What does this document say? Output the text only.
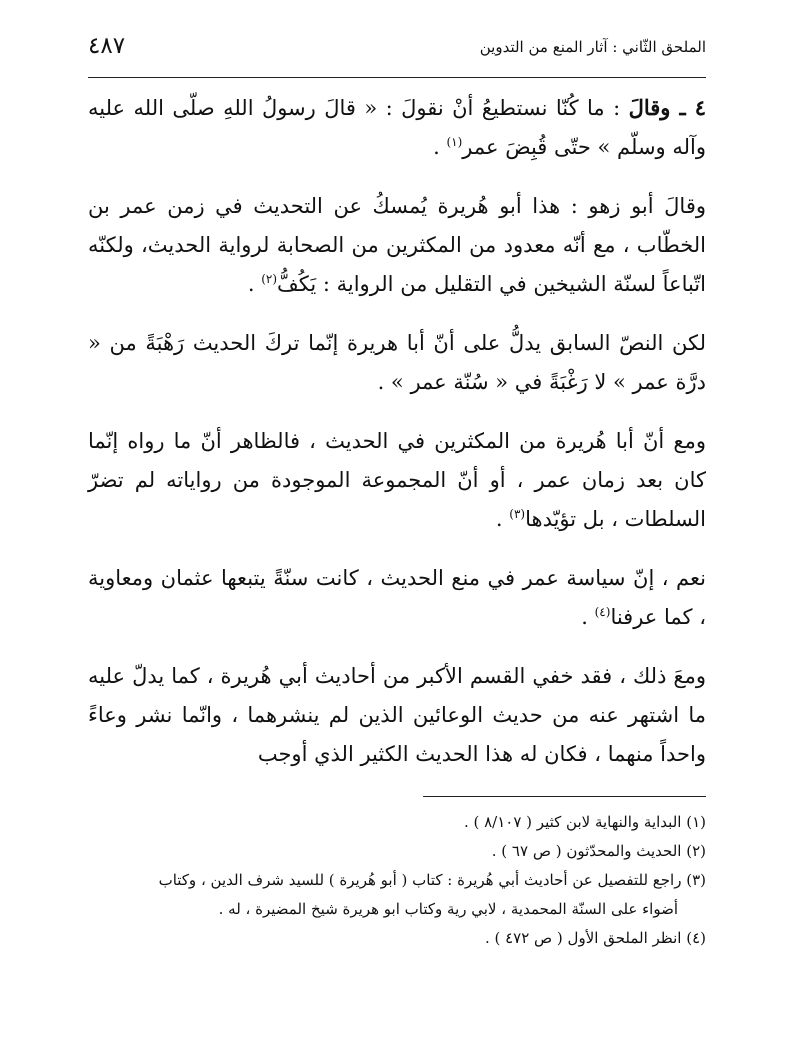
الملحق الثّاني : آثار المنع من التدوين
٤٨٧

٤ ـ وقالَ : ما كُنّا نستطيعُ أنْ نقولَ : « قالَ رسولُ اللهِ صلّى الله عليه وآله وسلّم » حتّى قُبِضَ عمر$^{(١)}$ .

وقالَ أبو زهو : هذا أبو هُريرة يُمسكُ عن التحديث في زمن عمر بن الخطّاب ، مع أنّه معدود من المكثرين من الصحابة لرواية الحديث، ولكنّه اتّباعاً لسنّة الشيخين في التقليل من الرواية : يَكُفُّ$^{(٢)}$ .

لكن النصّ السابق يدلُّ على أنّ أبا هريرة إنّما تركَ الحديث رَهْبَةً من « درَّة عمر » لا رَغْبَةً في « سُنّة عمر » .

ومع أنّ أبا هُريرة من المكثرين في الحديث ، فالظاهر أنّ ما رواه إنّما كان بعد زمان عمر ، أو أنّ المجموعة الموجودة من رواياته لم تضرّ السلطات ، بل تؤيّدها$^{(٣)}$ .

نعم ، إنّ سياسة عمر في منع الحديث ، كانت سنّةً يتبعها عثمان ومعاوية ، كما عرفنا$^{(٤)}$ .

ومعَ ذلك ، فقد خفي القسم الأكبر من أحاديث أبي هُريرة ، كما يدلّ عليه ما اشتهر عنه من حديث الوعائين الذين لم ينشرهما ، وانّما نشر وعاءً واحداً منهما ، فكان له هذا الحديث الكثير الذي أوجب

(١) البداية والنهاية لابن كثير ( ٨/١٠٧ ) .

(٢) الحديث والمحدّثون ( ص ٦٧ ) .

(٣) راجع للتفصيل عن أحاديث أبي هُريرة : كتاب ( أبو هُريرة ) للسيد شرف الدين ، وكتاب

أضواء على السنّة المحمدية ، لابي رية وكتاب ابو هريرة شيخ المضيرة ، له .

(٤) انظر الملحق الأول ( ص ٤٧٢ ) .
